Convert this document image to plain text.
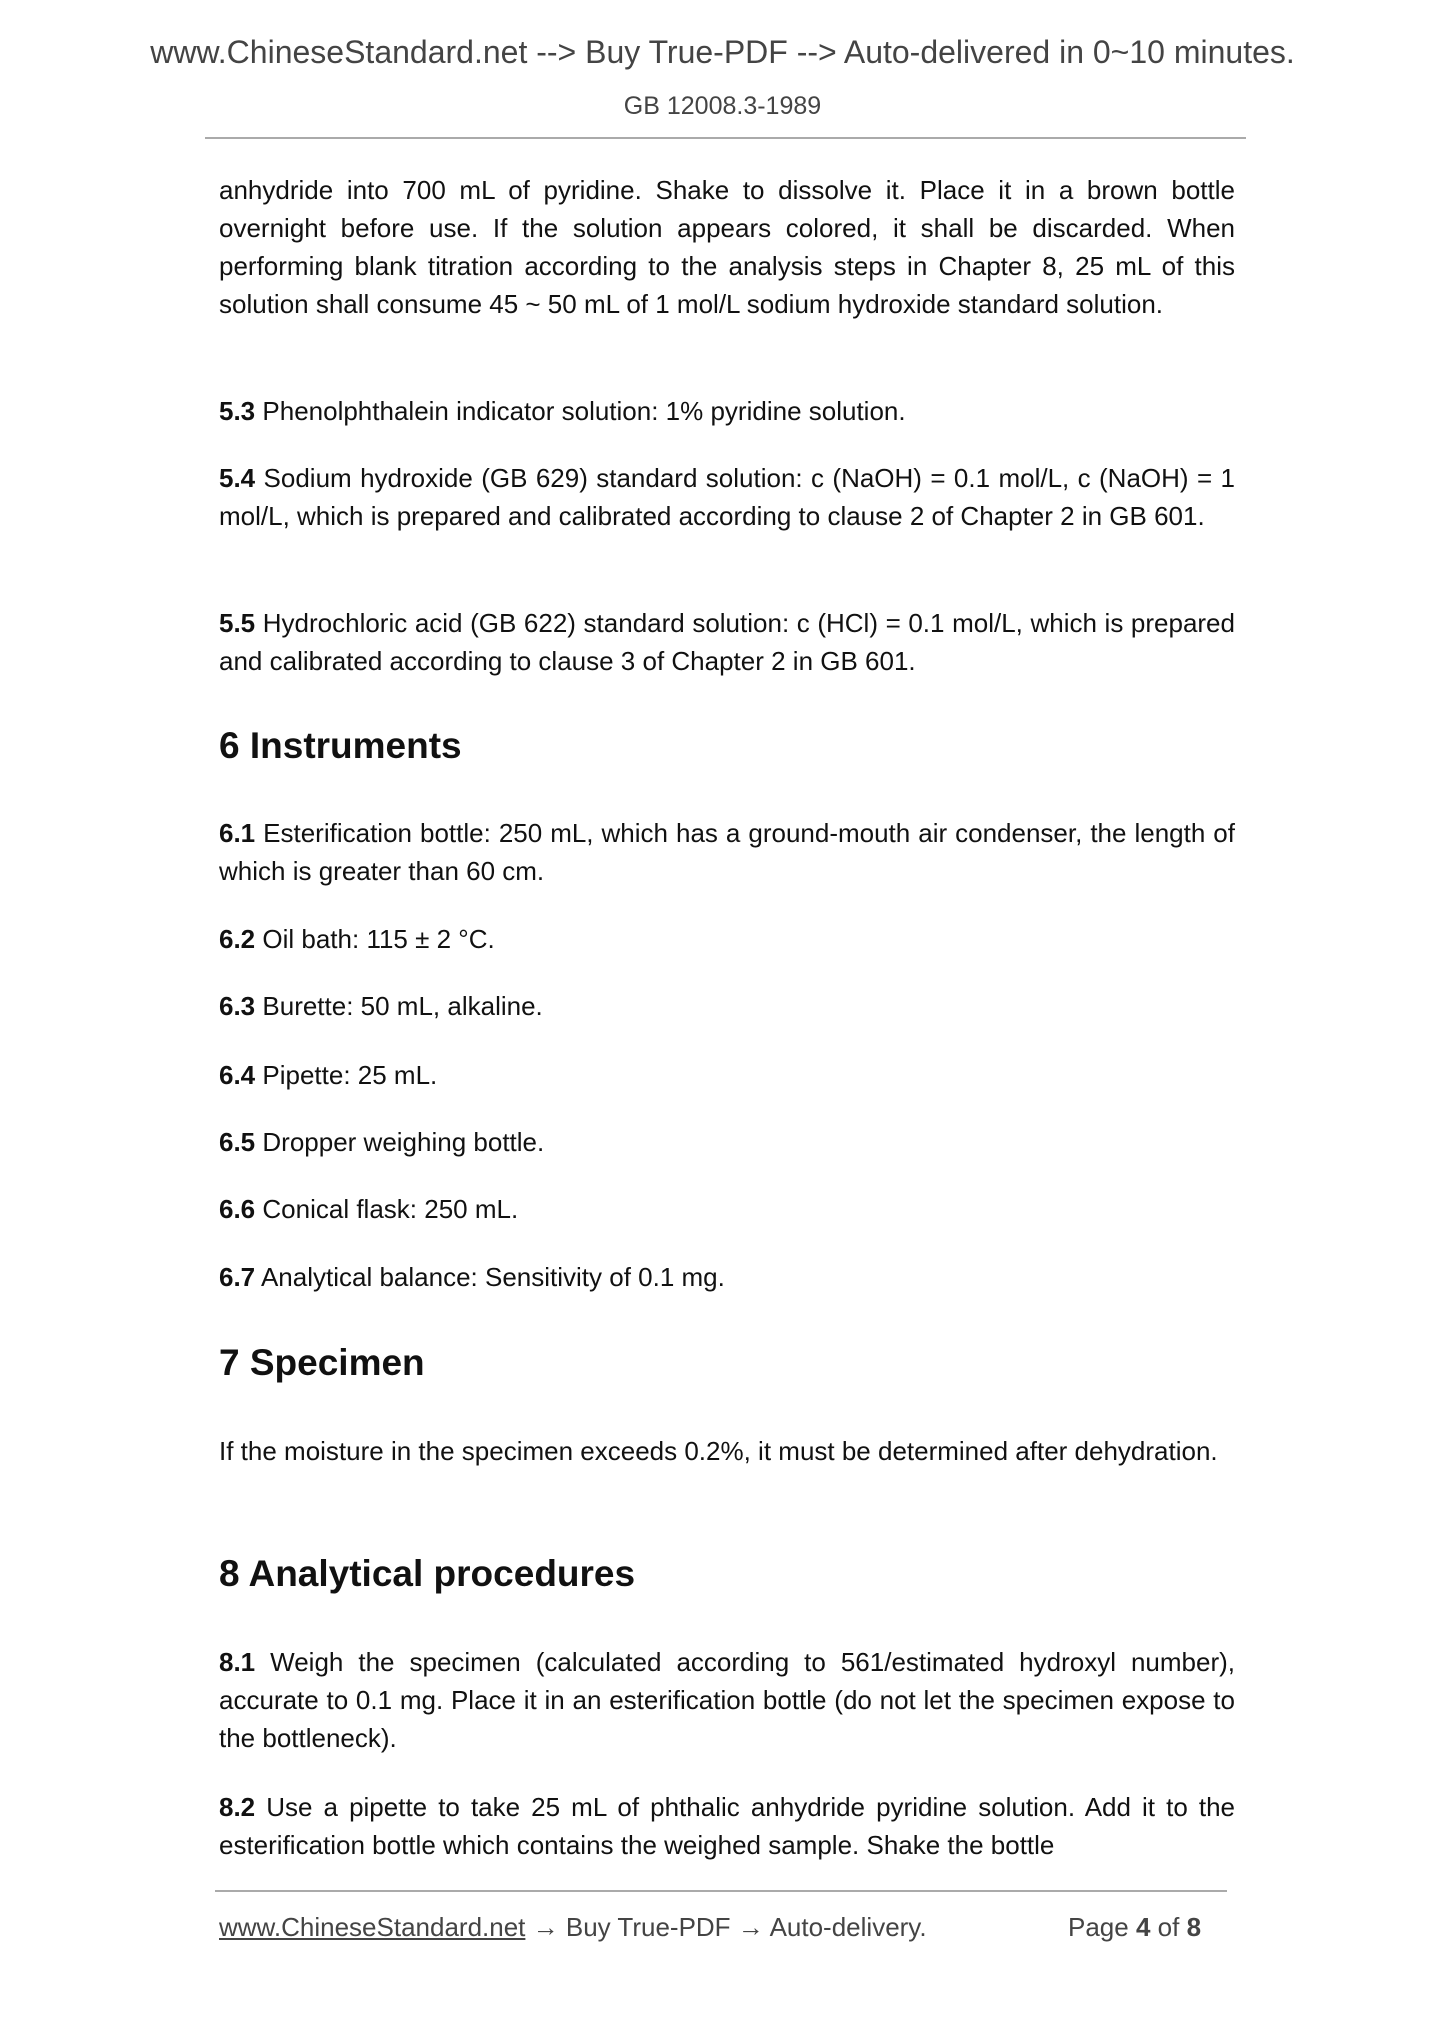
www.ChineseStandard.net --> Buy True-PDF --> Auto-delivered in 0~10 minutes.
GB 12008.3-1989
anhydride into 700 mL of pyridine. Shake to dissolve it. Place it in a brown bottle overnight before use. If the solution appears colored, it shall be discarded. When performing blank titration according to the analysis steps in Chapter 8, 25 mL of this solution shall consume 45 ~ 50 mL of 1 mol/L sodium hydroxide standard solution.
5.3 Phenolphthalein indicator solution: 1% pyridine solution.
5.4 Sodium hydroxide (GB 629) standard solution: c (NaOH) = 0.1 mol/L, c (NaOH) = 1 mol/L, which is prepared and calibrated according to clause 2 of Chapter 2 in GB 601.
5.5 Hydrochloric acid (GB 622) standard solution: c (HCl) = 0.1 mol/L, which is prepared and calibrated according to clause 3 of Chapter 2 in GB 601.
6 Instruments
6.1 Esterification bottle: 250 mL, which has a ground-mouth air condenser, the length of which is greater than 60 cm.
6.2 Oil bath: 115 ± 2 °C.
6.3 Burette: 50 mL, alkaline.
6.4 Pipette: 25 mL.
6.5 Dropper weighing bottle.
6.6 Conical flask: 250 mL.
6.7 Analytical balance: Sensitivity of 0.1 mg.
7 Specimen
If the moisture in the specimen exceeds 0.2%, it must be determined after dehydration.
8 Analytical procedures
8.1 Weigh the specimen (calculated according to 561/estimated hydroxyl number), accurate to 0.1 mg. Place it in an esterification bottle (do not let the specimen expose to the bottleneck).
8.2 Use a pipette to take 25 mL of phthalic anhydride pyridine solution. Add it to the esterification bottle which contains the weighed sample. Shake the bottle
www.ChineseStandard.net → Buy True-PDF → Auto-delivery.	Page 4 of 8
